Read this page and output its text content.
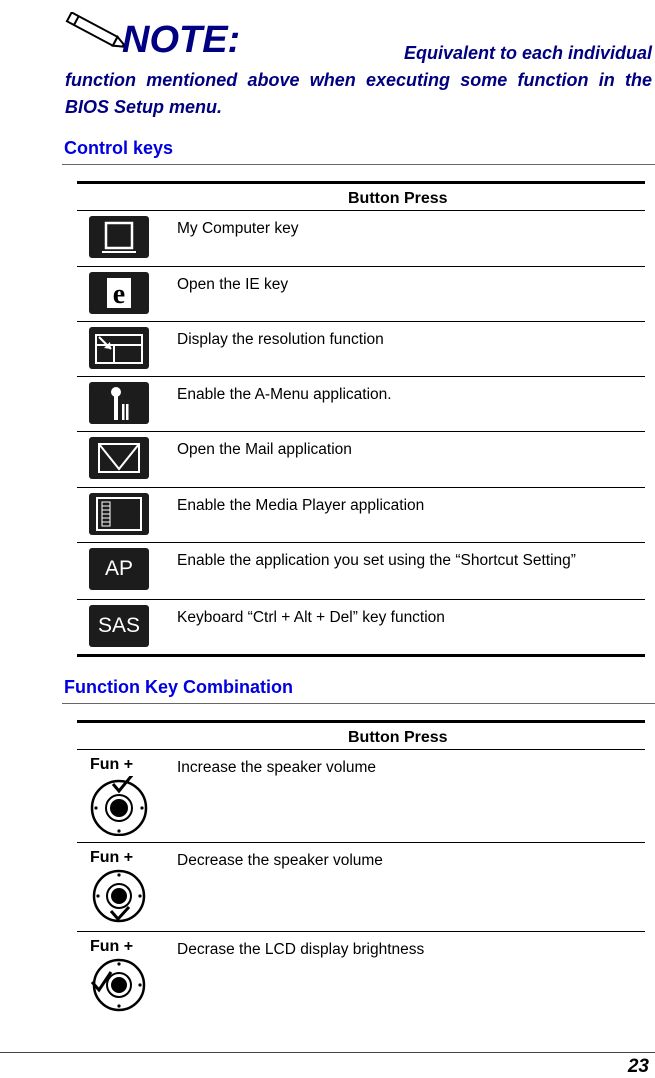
NOTE:	Equivalent to each individual
function mentioned above when executing some function in the BIOS Setup menu.
Control keys
Button Press	

	My Computer key

e	Open the IE key

	Display the resolution function

	Enable the A-Menu application.

	Open the Mail application

	Enable the Media Player application

AP	Enable the application you set using the “Shortcut Setting”

SAS	Keyboard “Ctrl + Alt + Del” key function
Function Key Combination
Button Press	

Fun +	Increase the speaker volume

Fun +	Decrease the speaker volume

Fun +	Decrase the LCD display brightness
23
